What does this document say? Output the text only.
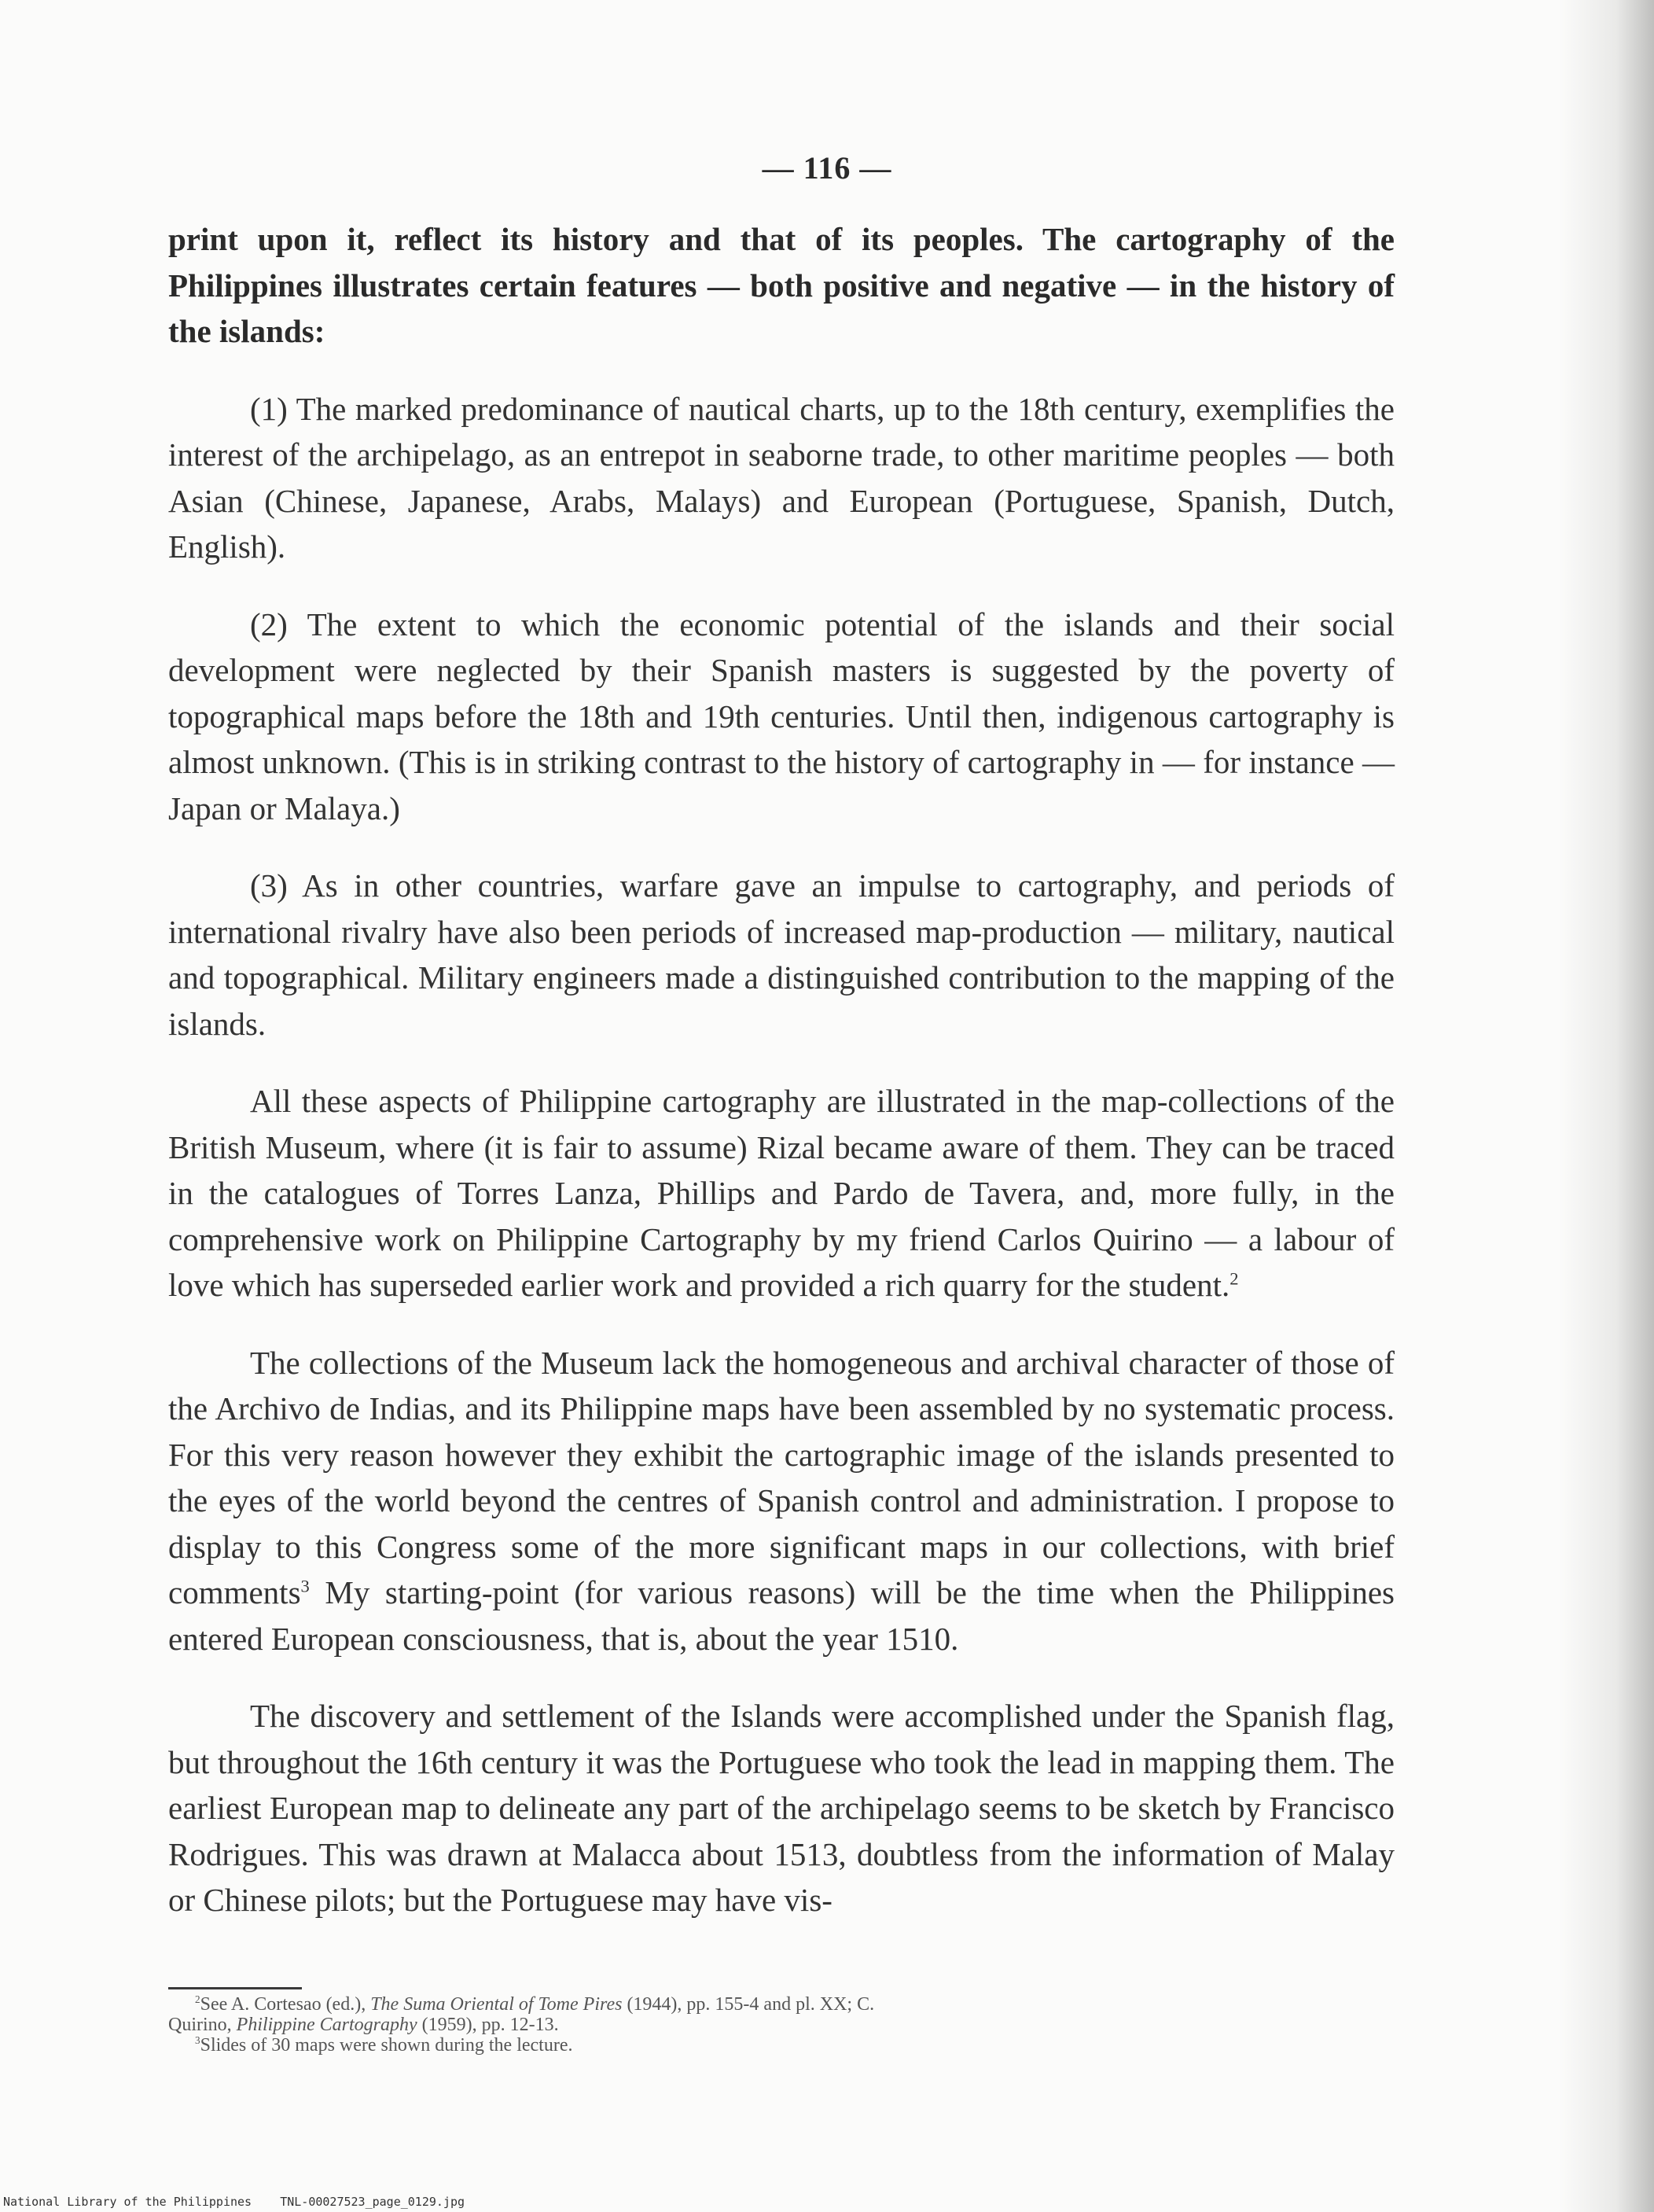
— 116 —

print upon it, reflect its history and that of its peoples. The cartography of the Philippines illustrates certain features — both positive and negative — in the history of the islands:

(1) The marked predominance of nautical charts, up to the 18th century, exemplifies the interest of the archipelago, as an entrepot in seaborne trade, to other maritime peoples — both Asian (Chinese, Japanese, Arabs, Malays) and European (Portuguese, Spanish, Dutch, English).

(2) The extent to which the economic potential of the islands and their social development were neglected by their Spanish masters is suggested by the poverty of topographical maps before the 18th and 19th centuries. Until then, indigenous cartography is almost unknown. (This is in striking contrast to the history of cartography in — for instance — Japan or Malaya.)

(3) As in other countries, warfare gave an impulse to cartography, and periods of international rivalry have also been periods of increased map-production — military, nautical and topographical. Military engineers made a distinguished contribution to the mapping of the islands.

All these aspects of Philippine cartography are illustrated in the map-collections of the British Museum, where (it is fair to assume) Rizal became aware of them. They can be traced in the catalogues of Torres Lanza, Phillips and Pardo de Tavera, and, more fully, in the comprehensive work on Philippine Cartography by my friend Carlos Quirino — a labour of love which has superseded earlier work and provided a rich quarry for the student.$^2$

The collections of the Museum lack the homogeneous and archival character of those of the Archivo de Indias, and its Philippine maps have been assembled by no systematic process. For this very reason however they exhibit the cartographic image of the islands presented to the eyes of the world beyond the centres of Spanish control and administration. I propose to display to this Congress some of the more significant maps in our collections, with brief comments$^3$ My starting-point (for various reasons) will be the time when the Philippines entered European consciousness, that is, about the year 1510.

The discovery and settlement of the Islands were accomplished under the Spanish flag, but throughout the 16th century it was the Portuguese who took the lead in mapping them. The earliest European map to delineate any part of the archipelago seems to be sketch by Francisco Rodrigues. This was drawn at Malacca about 1513, doubtless from the information of Malay or Chinese pilots; but the Portuguese may have vis-

$^2$See A. Cortesao (ed.), The Suma Oriental of Tome Pires (1944), pp. 155-4 and pl. XX; C.

Quirino, Philippine Cartography (1959), pp. 12-13.

$^3$Slides of 30 maps were shown during the lecture.

National Library of the Philippines    TNL-00027523_page_0129.jpg
